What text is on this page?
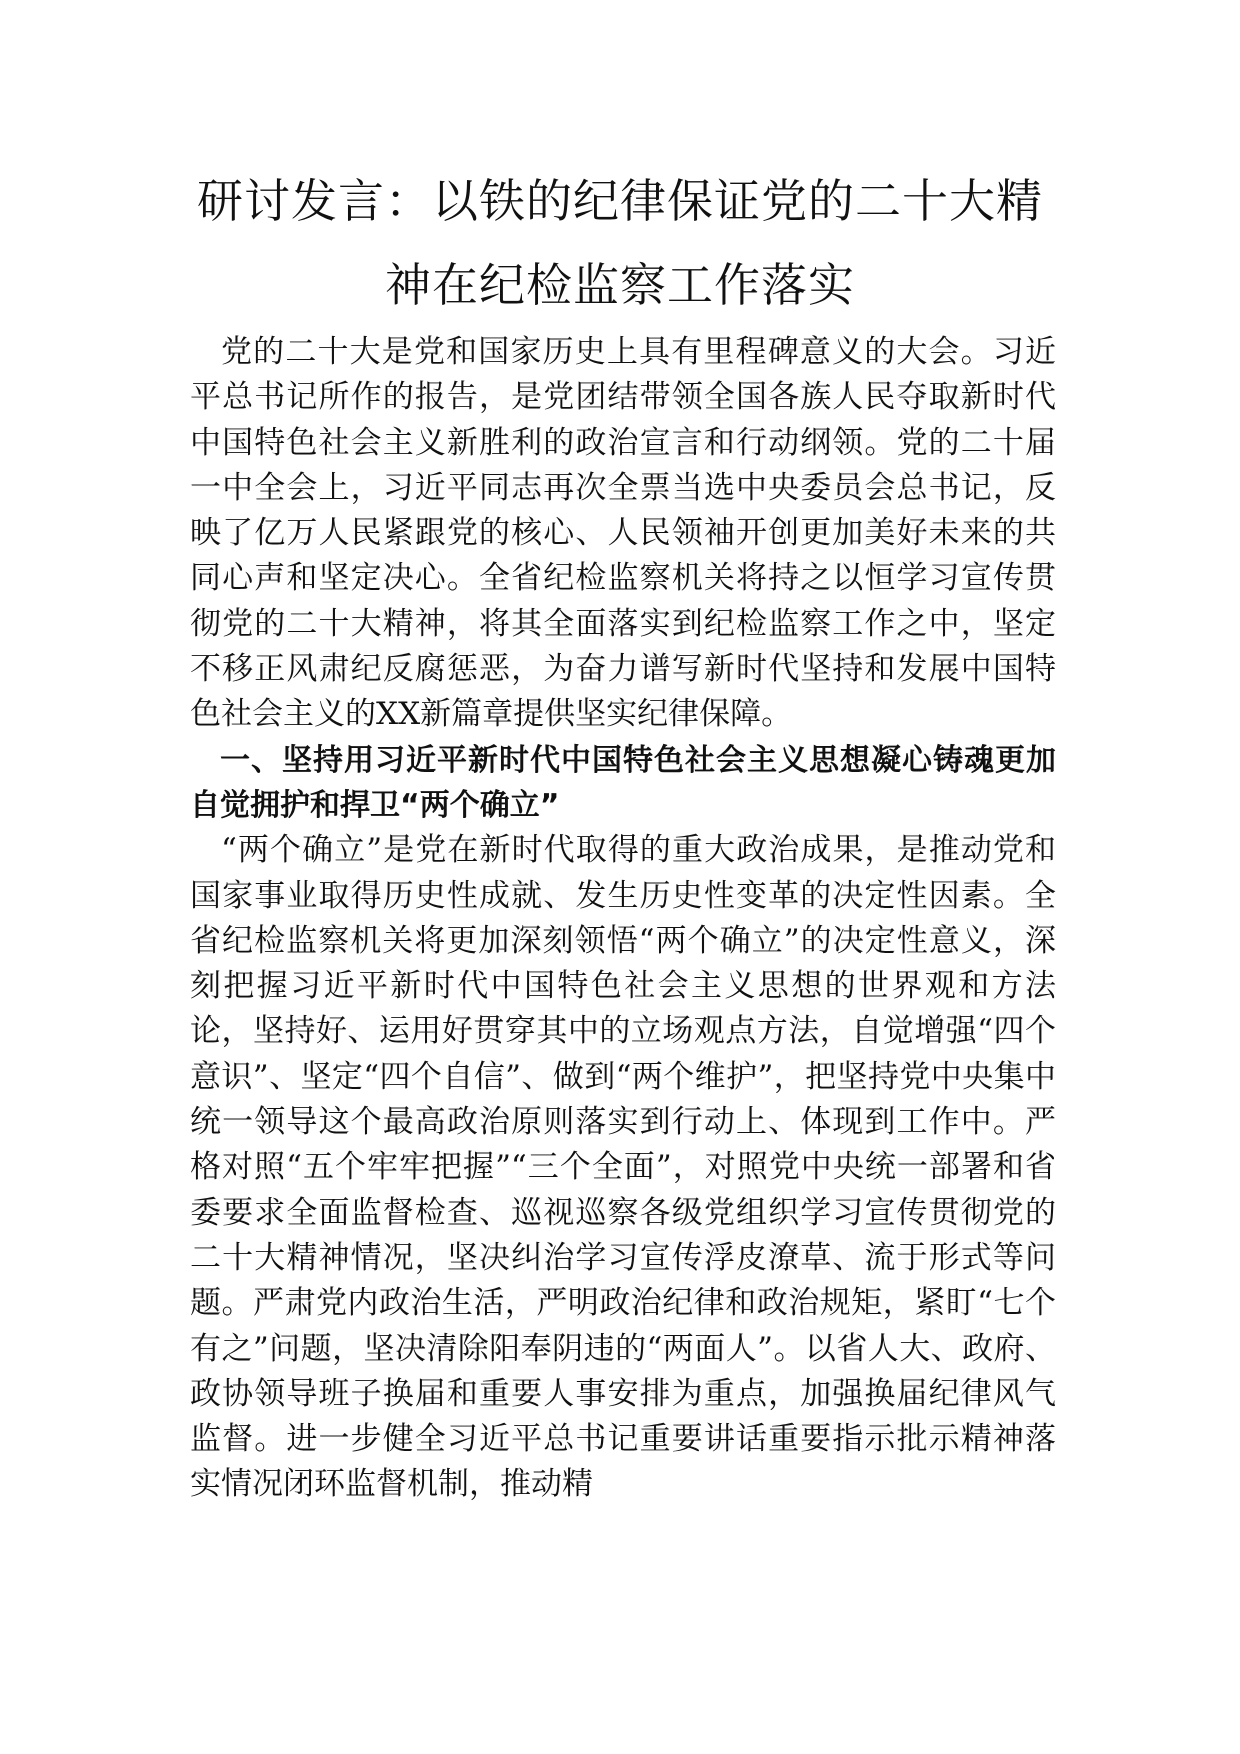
研讨发言：以铁的纪律保证党的二十大精
神在纪检监察工作落实

党的二十大是党和国家历史上具有里程碑意义的大会。习近平总书记所作的报告，是党团结带领全国各族人民夺取新时代中国特色社会主义新胜利的政治宣言和行动纲领。党的二十届一中全会上，习近平同志再次全票当选中央委员会总书记，反映了亿万人民紧跟党的核心、人民领袖开创更加美好未来的共同心声和坚定决心。全省纪检监察机关将持之以恒学习宣传贯彻党的二十大精神，将其全面落实到纪检监察工作之中，坚定不移正风肃纪反腐惩恶，为奋力谱写新时代坚持和发展中国特色社会主义的XX新篇章提供坚实纪律保障。

一、坚持用习近平新时代中国特色社会主义思想凝心铸魂更加自觉拥护和捍卫“两个确立”

“两个确立”是党在新时代取得的重大政治成果，是推动党和国家事业取得历史性成就、发生历史性变革的决定性因素。全省纪检监察机关将更加深刻领悟“两个确立”的决定性意义，深刻把握习近平新时代中国特色社会主义思想的世界观和方法论，坚持好、运用好贯穿其中的立场观点方法，自觉增强“四个意识”、坚定“四个自信”、做到“两个维护”，把坚持党中央集中统一领导这个最高政治原则落实到行动上、体现到工作中。严格对照“五个牢牢把握”“三个全面”，对照党中央统一部署和省委要求全面监督检查、巡视巡察各级党组织学习宣传贯彻党的二十大精神情况，坚决纠治学习宣传浮皮潦草、流于形式等问题。严肃党内政治生活，严明政治纪律和政治规矩，紧盯“七个有之”问题，坚决清除阳奉阴违的“两面人”。以省人大、政府、政协领导班子换届和重要人事安排为重点，加强换届纪律风气监督。进一步健全习近平总书记重要讲话重要指示批示精神落实情况闭环监督机制，推动精
